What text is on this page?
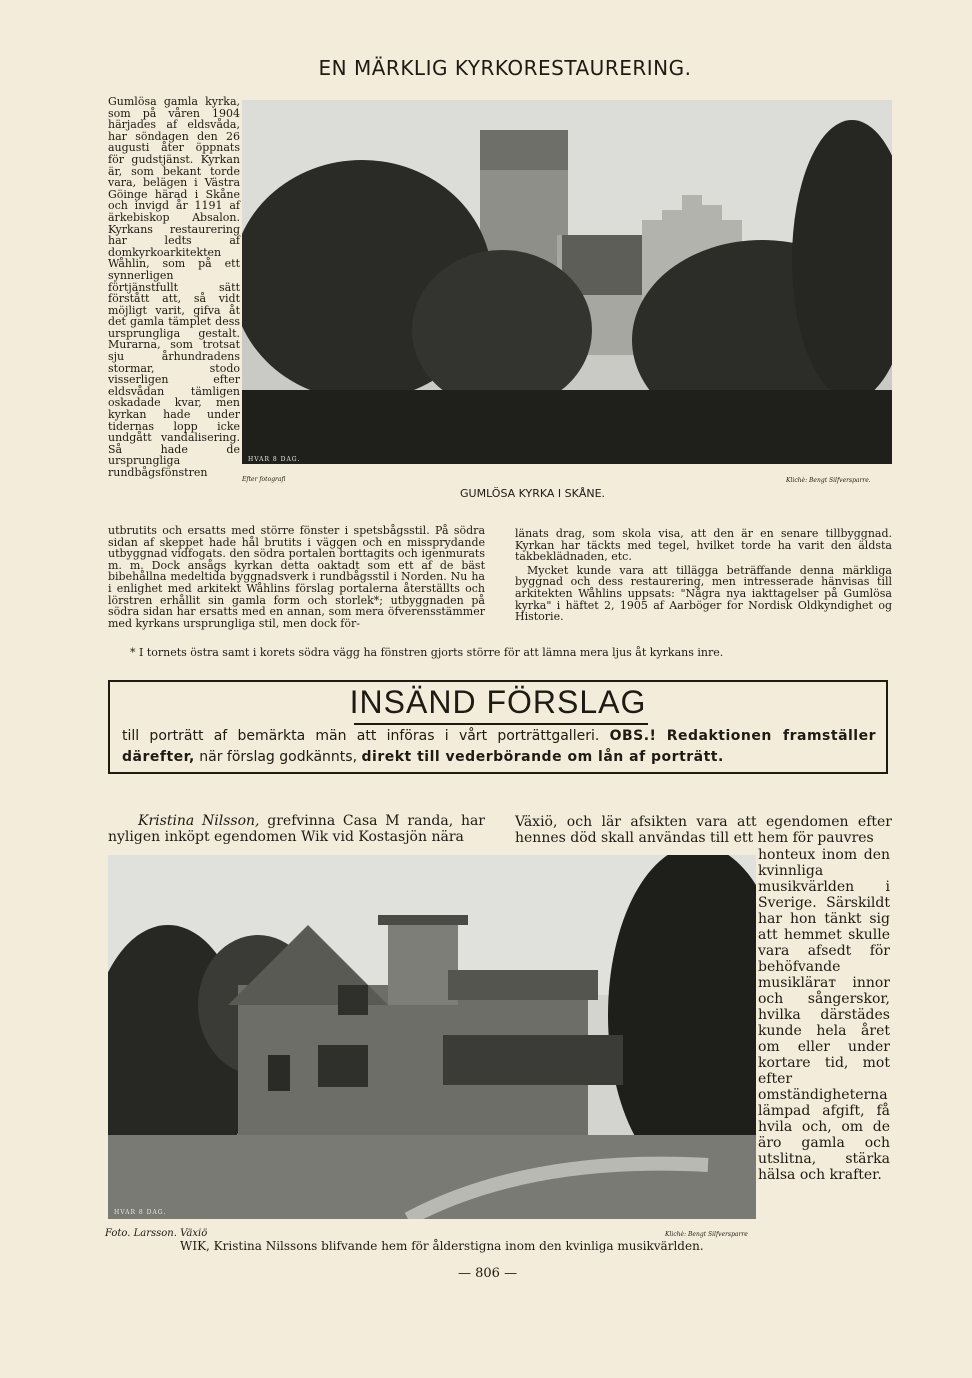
EN MÄRKLIG KYRKORESTAURERING.

Gumlösa gamla kyrka, som på våren 1904 härjades af eldsvåda, har söndagen den 26 augusti åter öppnats för gudstjänst. Kyrkan är, som bekant torde vara, belägen i Västra Göinge härad i Skåne och invigd år 1191 af ärkebiskop Absalon. Kyrkans restaurering har ledts af domkyrkoarkitekten Wåhlin, som på ett synnerligen förtjänstfullt sätt förstått att, så vidt möjligt varit, gifva åt det gamla tämplet dess ursprungliga gestalt. Murarna, som trotsat sju århundradens stormar, stodo visserligen efter eldsvådan tämligen oskadade kvar, men kyrkan hade under tidernas lopp icke undgått vandalisering. Så hade de ursprungliga rundbågsfönstren

HVAR 8 DAG.
Efter fotografi	Klichè: Bengt Silfversparre.
GUMLÖSA KYRKA I SKÅNE.

utbrutits och ersatts med större fönster i spetsbågsstil. På södra sidan af skeppet hade hål brutits i väggen och en missprydande utbyggnad vidfogats. den södra portalen borttagits och igenmurats m. m. Dock ansågs kyrkan detta oaktadt som ett af de bäst bibehållna medeltida byggnadsverk i rundbågsstil i Norden. Nu ha i enlighet med arkitekt Wåhlins förslag portalerna återställts och lörstren erhållit sin gamla form och storlek*; utbyggnaden på södra sidan har ersatts med en annan, som mera öfverensstämmer med kyrkans ursprungliga stil, men dock för-

länats drag, som skola visa, att den är en senare tillbyggnad. Kyrkan har täckts med tegel, hvilket torde ha varit den äldsta takbeklädnaden, etc.

Mycket kunde vara att tillägga beträffande denna märkliga byggnad och dess restaurering, men intresserade hänvisas till arkitekten Wåhlins uppsats: "Några nya iakttagelser på Gumlösa kyrka" i häftet 2, 1905 af Aarböger for Nordisk Oldkyndighet og Historie.

* I tornets östra samt i korets södra vägg ha fönstren gjorts större för att lämna mera ljus åt kyrkans inre.
INSÄND FÖRSLAG
till porträtt af bemärkta män att införas i vårt porträttgalleri. OBS.! Redaktionen framställer därefter, när förslag godkännts, direkt till vederbörande om lån af porträtt.

Kristina Nilsson, grefvinna Casa M randa, har nyligen inköpt egendomen Wik vid Kostasjön nära

Växiö, och lär afsikten vara att egendomen efter hennes död skall användas till ett hem för pauvres

HVAR 8 DAG.

honteux inom den kvinnliga musikvärlden i Sverige. Särskildt har hon tänkt sig att hemmet skulle vara afsedt för behöfvande musikläraт innor och sångerskor, hvilka därstädes kunde hela året om eller under kortare tid, mot efter omständigheterna lämpad afgift, få hvila och, om de äro gamla och utslitna, stärka hälsa och krafter.

Foto. Larsson. Växiö	Klichè: Bengt Silfversparre
WIK, Kristina Nilssons blifvande hem för ålderstigna inom den kvinliga musikvärlden.
— 806 —
